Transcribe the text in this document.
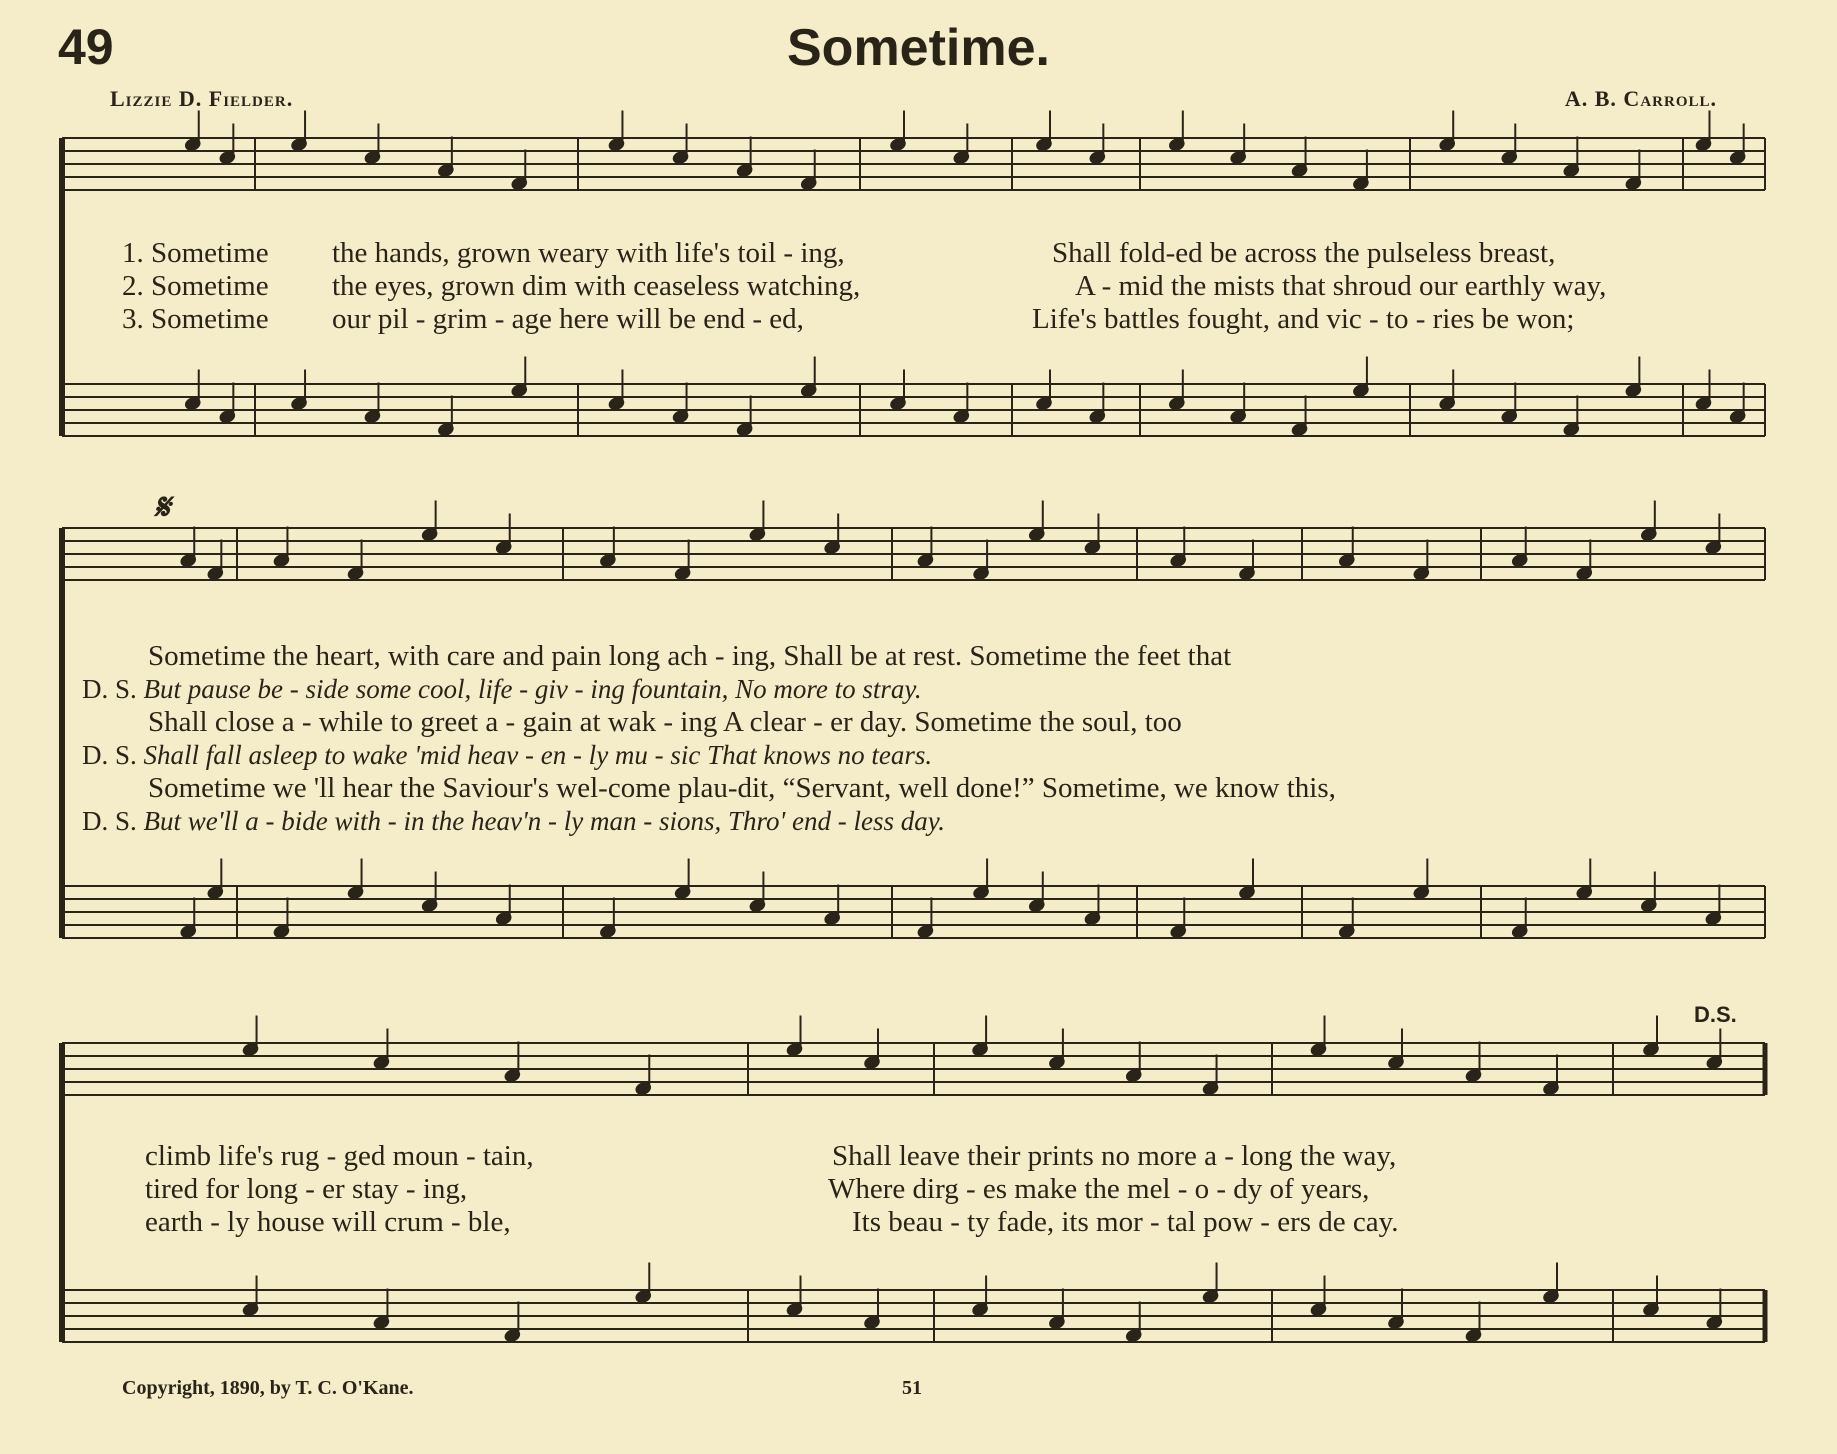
49	Sometime.
Lizzie D. Fielder.	A. B. Carroll.
1. Sometime the hands, grown weary with life's toil - ing,	Shall fold-ed be across the pulseless breast,
2. Sometime the eyes, grown dim with ceaseless watching,	A - mid the mists that shroud our earthly way,
3. Sometime our pil - grim - age here will be end - ed,	Life's battles fought, and vic - to - ries be won;
𝄋
Sometime the heart, with care and pain long ach - ing, Shall be at rest. Sometime the feet that
D. S. But pause be - side some cool, life - giv - ing fountain, No more to stray.
Shall close a - while to greet a - gain at wak - ing A clear - er day. Sometime the soul, too
D. S. Shall fall asleep to wake 'mid heav - en - ly mu - sic That knows no tears.
Sometime we 'll hear the Saviour's wel-come plau-dit, “Servant, well done!” Sometime, we know this,
D. S. But we'll a - bide with - in the heav'n - ly man - sions, Thro' end - less day.
D.S.
climb life's rug - ged moun - tain,	Shall leave their prints no more a - long the way,
tired for long - er stay - ing,	Where dirg - es make the mel - o - dy of years,
earth - ly house will crum - ble,	Its beau - ty fade, its mor - tal pow - ers de cay.
Copyright, 1890, by T. C. O'Kane.	51
